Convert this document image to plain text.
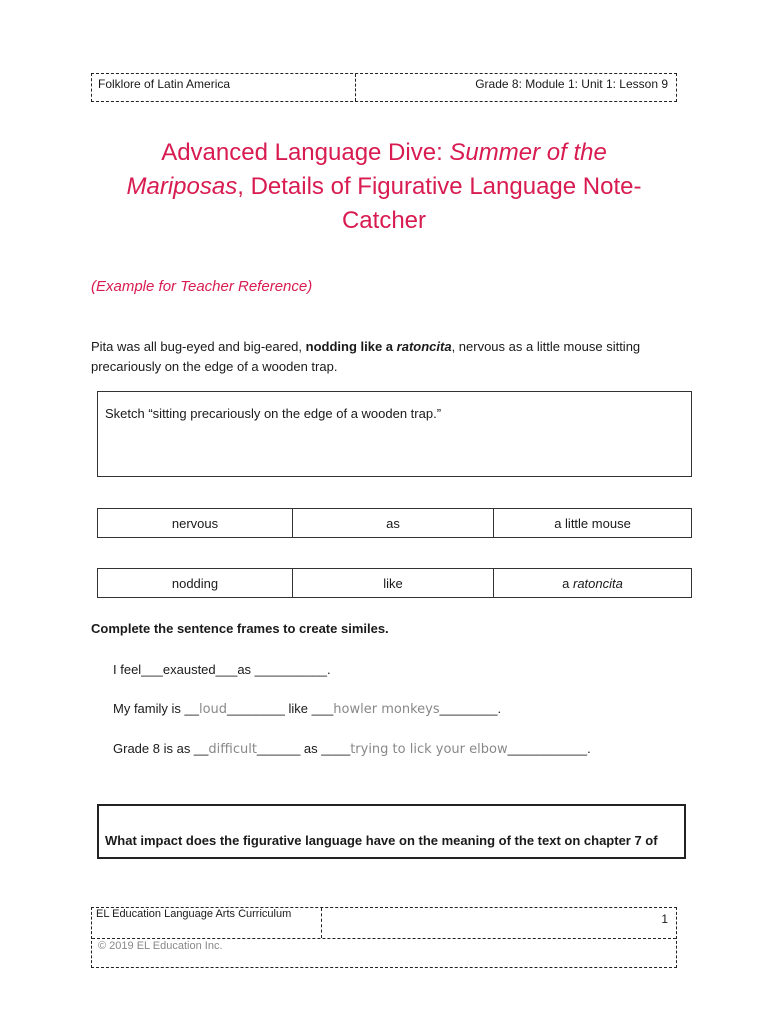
Folklore of Latin America	Grade 8: Module 1: Unit 1: Lesson 9
Advanced Language Dive: Summer of the
Mariposas, Details of Figurative Language Note-
Catcher
(Example for Teacher Reference)
Pita was all bug-eyed and big-eared, nodding like a ratoncita, nervous as a little mouse sitting precariously on the edge of a wooden trap.
Sketch “sitting precariously on the edge of a wooden trap.”
nervous	as	a little mouse
nodding	like	a ratoncita
Complete the sentence frames to create similes.
I feel___exausted___as __________.
My family is __loud________ like ___howler monkeys________.
Grade 8 is as __difficult______ as ____trying to lick your elbow___________.
What impact does the figurative language have on the meaning of the text on chapter 7 of
EL Education Language Arts Curriculum	1
© 2019 EL Education Inc.
